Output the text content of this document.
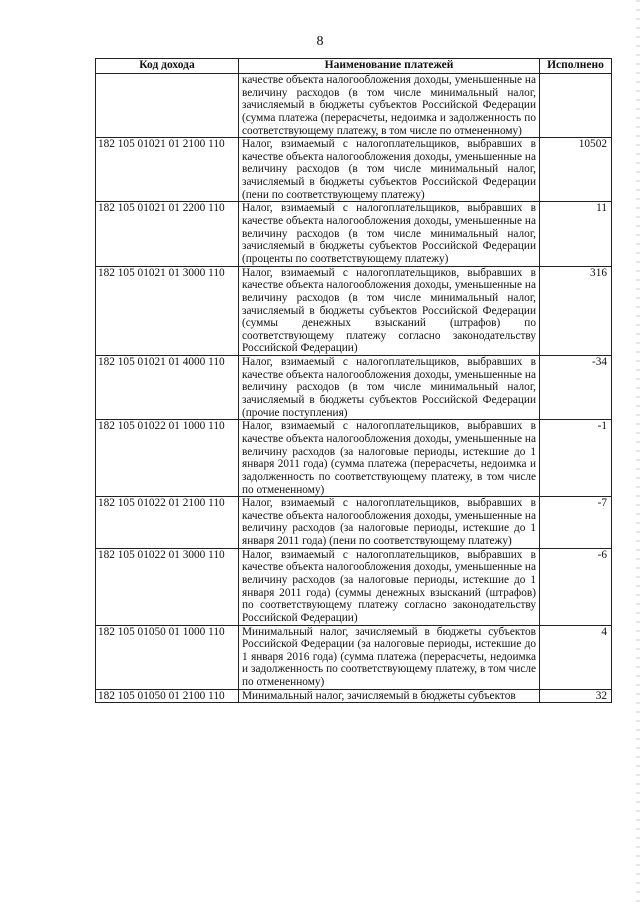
8
Код дохода	Наименование платежей	Исполнено
	качестве объекта налогообложения доходы, уменьшенные на величину расходов (в том числе минимальный налог, зачисляемый в бюджеты субъектов Российской Федерации (сумма платежа (перерасчеты, недоимка и задолженность по соответствующему платежу, в том числе по отмененному)	
182 105 01021 01 2100 110	Налог, взимаемый с налогоплательщиков, выбравших в качестве объекта налогообложения доходы, уменьшенные на величину расходов (в том числе минимальный налог, зачисляемый в бюджеты субъектов Российской Федерации (пени по соответствующему платежу)	10502
182 105 01021 01 2200 110	Налог, взимаемый с налогоплательщиков, выбравших в качестве объекта налогообложения доходы, уменьшенные на величину расходов (в том числе минимальный налог, зачисляемый в бюджеты субъектов Российской Федерации (проценты по соответствующему платежу)	11
182 105 01021 01 3000 110	Налог, взимаемый с налогоплательщиков, выбравших в качестве объекта налогообложения доходы, уменьшенные на величину расходов (в том числе минимальный налог, зачисляемый в бюджеты субъектов Российской Федерации (суммы денежных взысканий (штрафов) по соответствующему платежу согласно законодательству Российской Федерации)	316
182 105 01021 01 4000 110	Налог, взимаемый с налогоплательщиков, выбравших в качестве объекта налогообложения доходы, уменьшенные на величину расходов (в том числе минимальный налог, зачисляемый в бюджеты субъектов Российской Федерации (прочие поступления)	-34
182 105 01022 01 1000 110	Налог, взимаемый с налогоплательщиков, выбравших в качестве объекта налогообложения доходы, уменьшенные на величину расходов (за налоговые периоды, истекшие до 1 января 2011 года) (сумма платежа (перерасчеты, недоимка и задолженность по соответствующему платежу, в том числе по отмененному)	-1
182 105 01022 01 2100 110	Налог, взимаемый с налогоплательщиков, выбравших в качестве объекта налогообложения доходы, уменьшенные на величину расходов (за налоговые периоды, истекшие до 1 января 2011 года) (пени по соответствующему платежу)	-7
182 105 01022 01 3000 110	Налог, взимаемый с налогоплательщиков, выбравших в качестве объекта налогообложения доходы, уменьшенные на величину расходов (за налоговые периоды, истекшие до 1 января 2011 года) (суммы денежных взысканий (штрафов) по соответствующему платежу согласно законодательству Российской Федерации)	-6
182 105 01050 01 1000 110	Минимальный налог, зачисляемый в бюджеты субъектов Российской Федерации (за налоговые периоды, истекшие до 1 января 2016 года) (сумма платежа (перерасчеты, недоимка и задолженность по соответствующему платежу, в том числе по отмененному)	4
182 105 01050 01 2100 110	Минимальный налог, зачисляемый в бюджеты субъектов	32
